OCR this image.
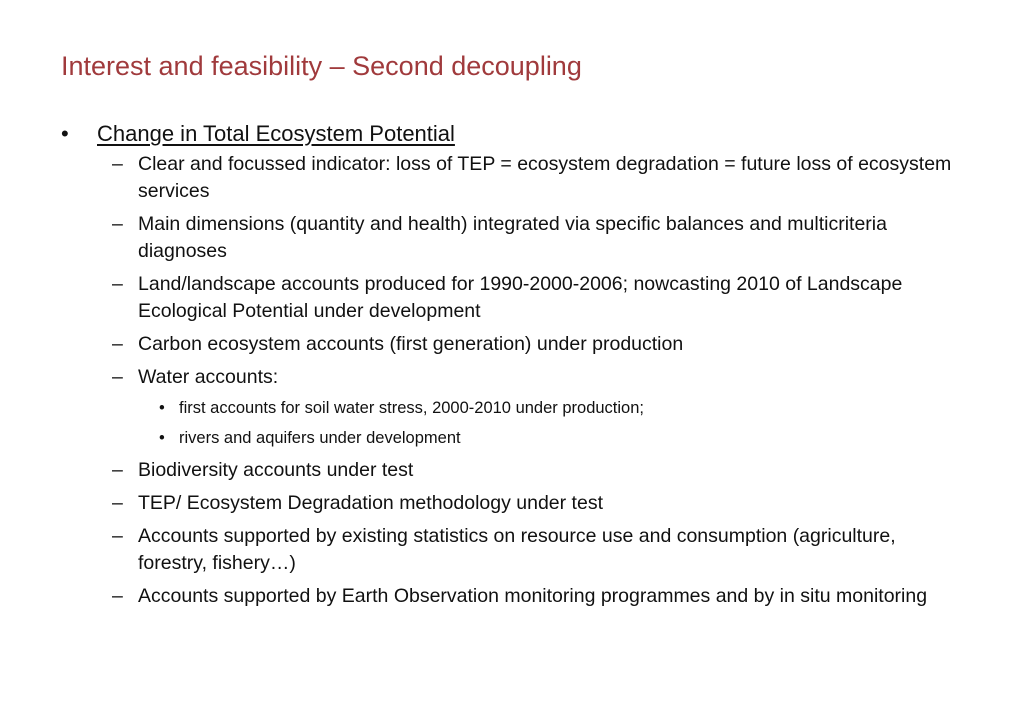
Interest and feasibility – Second decoupling
• Change in Total Ecosystem Potential
– Clear and focussed indicator: loss of TEP = ecosystem degradation = future loss of ecosystem services
– Main dimensions (quantity and health) integrated via specific balances and multicriteria diagnoses
– Land/landscape accounts produced for 1990-2000-2006; nowcasting 2010 of Landscape Ecological Potential under development
– Carbon ecosystem accounts (first generation) under production
– Water accounts:
• first accounts for soil water stress, 2000-2010 under production;
• rivers and aquifers under development
– Biodiversity accounts under test
– TEP/ Ecosystem Degradation methodology under test
– Accounts supported by existing statistics on resource use and consumption (agriculture, forestry, fishery…)
– Accounts supported by Earth Observation monitoring programmes and by in situ monitoring
